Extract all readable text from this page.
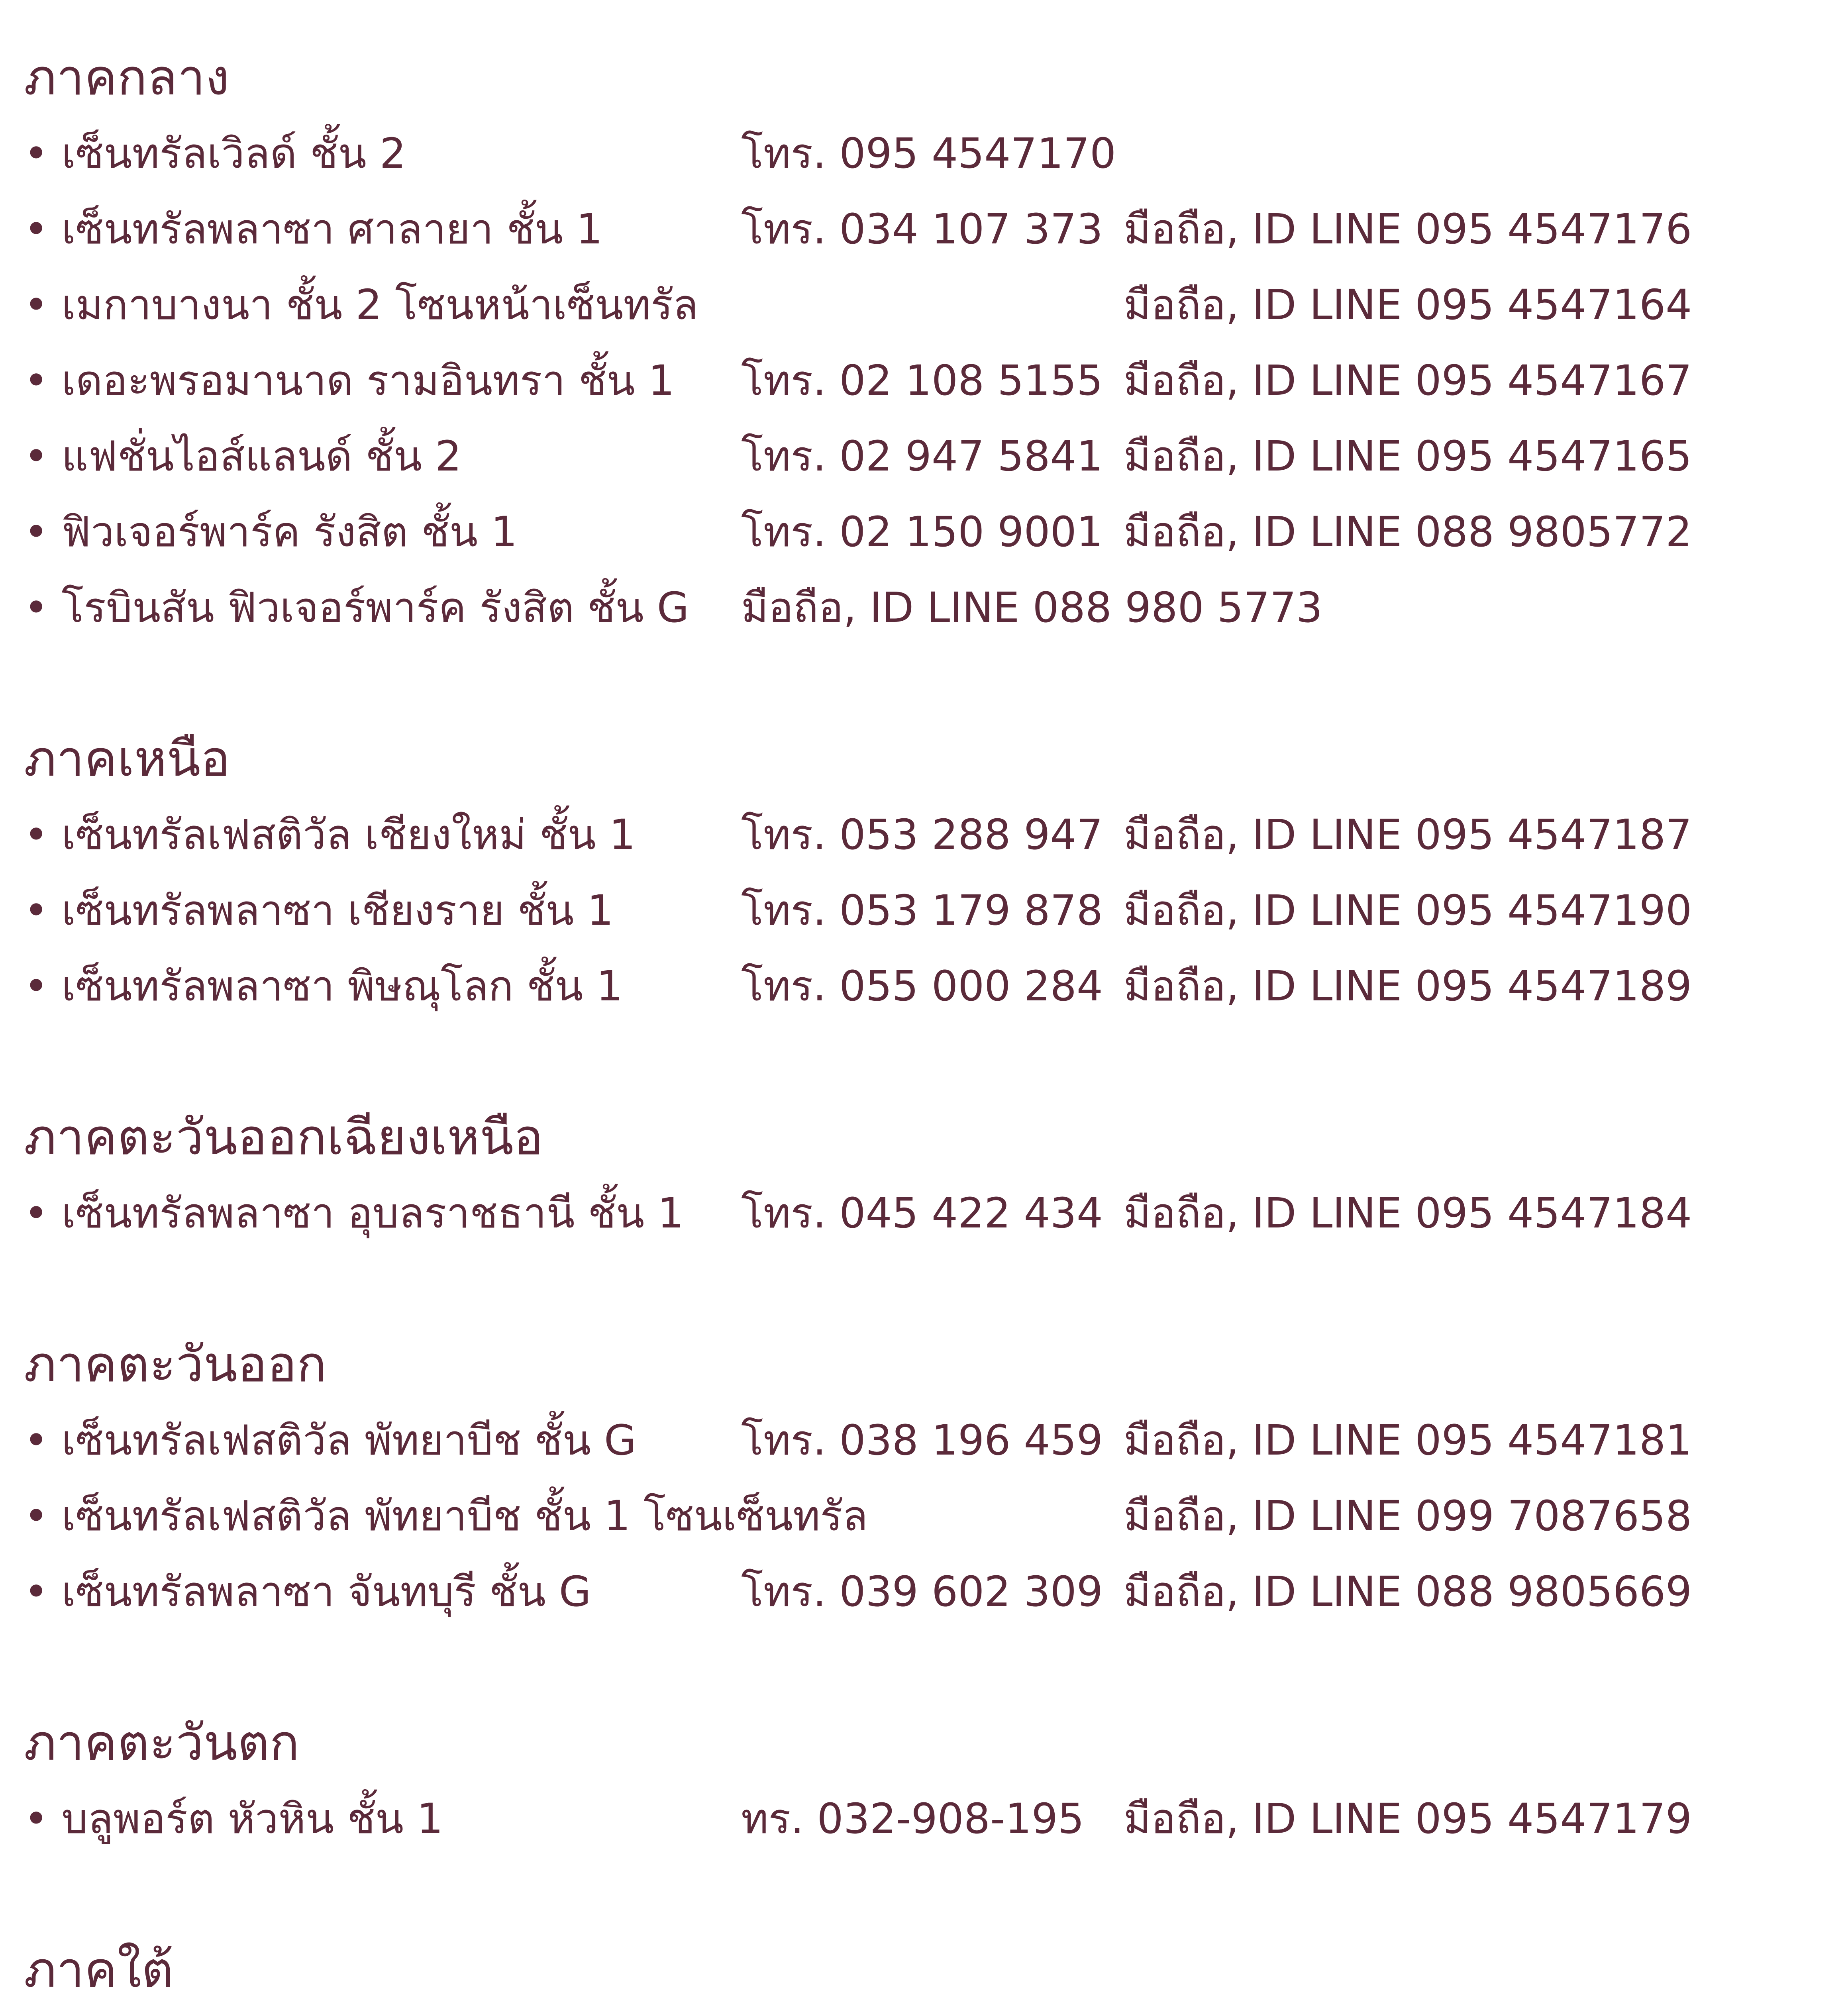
ภาคกลาง
• เซ็นทรัลเวิลด์ ชั้น 2	โทร. 095 4547170
• เซ็นทรัลพลาซา ศาลายา ชั้น 1	โทร. 034 107 373 มือถือ, ID LINE 095 4547176
• เมกาบางนา ชั้น 2 โซนหน้าเซ็นทรัล	มือถือ, ID LINE 095 4547164
• เดอะพรอมานาด รามอินทรา ชั้น 1 โทร. 02 108 5155 มือถือ, ID LINE 095 4547167
• แฟชั่นไอส์แลนด์ ชั้น 2	โทร. 02 947 5841 มือถือ, ID LINE 095 4547165
• ฟิวเจอร์พาร์ค รังสิต ชั้น 1	โทร. 02 150 9001 มือถือ, ID LINE 088 9805772
• โรบินสัน ฟิวเจอร์พาร์ค รังสิต ชั้น G มือถือ, ID LINE 088 980 5773
ภาคเหนือ
• เซ็นทรัลเฟสติวัล เชียงใหม่ ชั้น 1	โทร. 053 288 947 มือถือ, ID LINE 095 4547187
• เซ็นทรัลพลาซา เชียงราย ชั้น 1	โทร. 053 179 878 มือถือ, ID LINE 095 4547190
• เซ็นทรัลพลาซา พิษณุโลก ชั้น 1	โทร. 055 000 284 มือถือ, ID LINE 095 4547189
ภาคตะวันออกเฉียงเหนือ
• เซ็นทรัลพลาซา อุบลราชธานี ชั้น 1 โทร. 045 422 434 มือถือ, ID LINE 095 4547184
ภาคตะวันออก
• เซ็นทรัลเฟสติวัล พัทยาบีช ชั้น G	โทร. 038 196 459 มือถือ, ID LINE 095 4547181
• เซ็นทรัลเฟสติวัล พัทยาบีช ชั้น 1 โซนเซ็นทรัล	มือถือ, ID LINE 099 7087658
• เซ็นทรัลพลาซา จันทบุรี ชั้น G	โทร. 039 602 309 มือถือ, ID LINE 088 9805669
ภาคตะวันตก
• บลูพอร์ต หัวหิน ชั้น 1	ทร. 032-908-195 มือถือ, ID LINE 095 4547179
ภาคใต้
